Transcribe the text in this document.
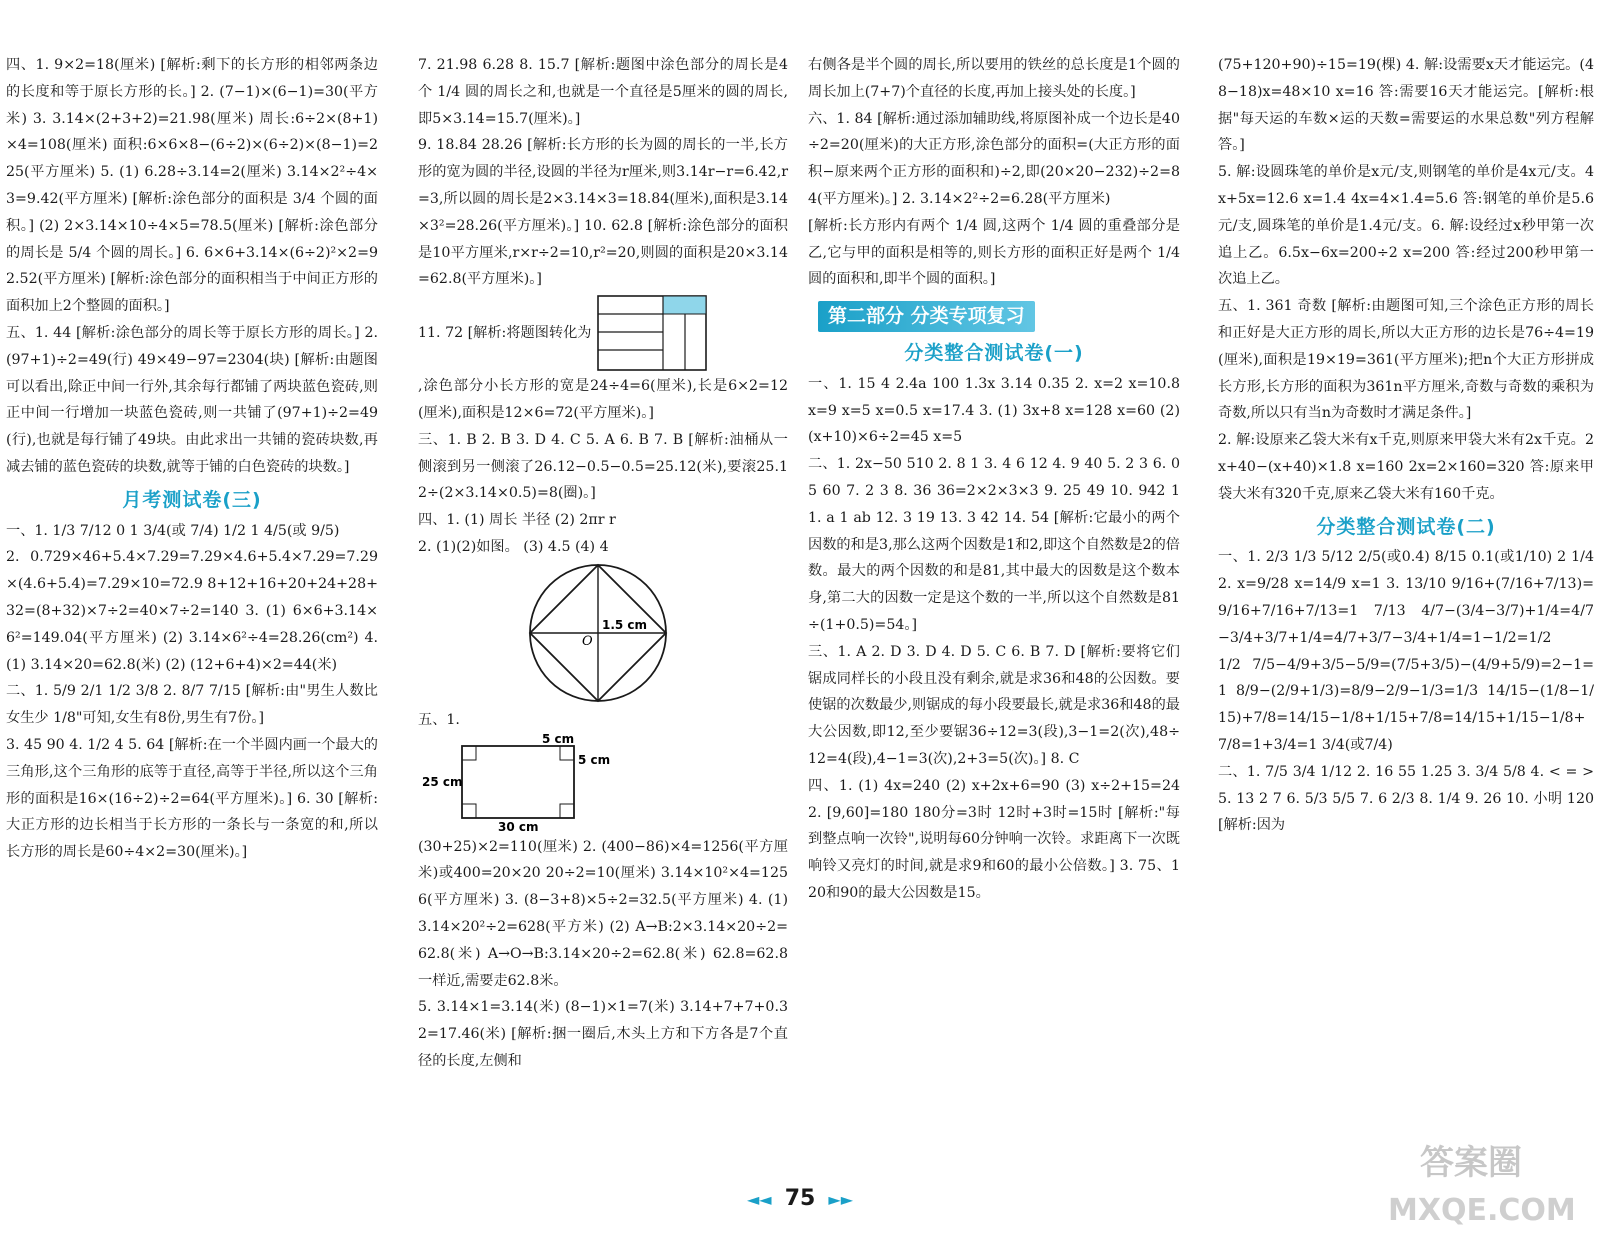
四、1. 9×2=18(厘米) [解析:剩下的长方形的相邻两条边的长度和等于原长方形的长。] 2. (7−1)×(6−1)=30(平方米) 3. 3.14×(2+3+2)=21.98(厘米) 周长:6÷2×(8+1)×4=108(厘米) 面积:6×6×8−(6÷2)×(6÷2)×(8−1)=225(平方厘米) 5. (1) 6.28÷3.14=2(厘米) 3.14×2²÷4×3=9.42(平方厘米) [解析:涂色部分的面积是 3/4 个圆的面积。] (2) 2×3.14×10÷4×5=78.5(厘米) [解析:涂色部分的周长是 5/4 个圆的周长。] 6. 6×6+3.14×(6÷2)²×2=92.52(平方厘米) [解析:涂色部分的面积相当于中间正方形的面积加上2个整圆的面积。]

五、1. 44 [解析:涂色部分的周长等于原长方形的周长。] 2. (97+1)÷2=49(行) 49×49−97=2304(块) [解析:由题图可以看出,除正中间一行外,其余每行都铺了两块蓝色瓷砖,则正中间一行增加一块蓝色瓷砖,则一共铺了(97+1)÷2=49(行),也就是每行铺了49块。由此求出一共铺的瓷砖块数,再减去铺的蓝色瓷砖的块数,就等于铺的白色瓷砖的块数。]

月考测试卷(三)

一、1. 1/3 7/12 0 1 3/4(或 7/4) 1/2 1 4/5(或 9/5)

2. 0.729×46+5.4×7.29=7.29×4.6+5.4×7.29=7.29×(4.6+5.4)=7.29×10=72.9 8+12+16+20+24+28+32=(8+32)×7÷2=40×7÷2=140 3. (1) 6×6+3.14×6²=149.04(平方厘米) (2) 3.14×6²÷4=28.26(cm²) 4. (1) 3.14×20=62.8(米) (2) (12+6+4)×2=44(米)

二、1. 5/9 2/1 1/2 3/8 2. 8/7 7/15 [解析:由"男生人数比女生少 1/8"可知,女生有8份,男生有7份。]

3. 45 90 4. 1/2 4 5. 64 [解析:在一个半圆内画一个最大的三角形,这个三角形的底等于直径,高等于半径,所以这个三角形的面积是16×(16÷2)÷2=64(平方厘米)。] 6. 30 [解析:大正方形的边长相当于长方形的一条长与一条宽的和,所以长方形的周长是60÷4×2=30(厘米)。]

7. 21.98 6.28 8. 15.7 [解析:题图中涂色部分的周长是4个 1/4 圆的周长之和,也就是一个直径是5厘米的圆的周长,即5×3.14=15.7(厘米)。]

9. 18.84 28.26 [解析:长方形的长为圆的周长的一半,长方形的宽为圆的半径,设圆的半径为r厘米,则3.14r−r=6.42,r=3,所以圆的周长是2×3.14×3=18.84(厘米),面积是3.14×3²=28.26(平方厘米)。] 10. 62.8 [解析:涂色部分的面积是10平方厘米,r×r÷2=10,r²=20,则圆的面积是20×3.14=62.8(平方厘米)。]

11. 72 [解析:将题图转化为

,涂色部分小长方形的宽是24÷4=6(厘米),长是6×2=12(厘米),面积是12×6=72(平方厘米)。]

三、1. B 2. B 3. D 4. C 5. A 6. B 7. B [解析:油桶从一侧滚到另一侧滚了26.12−0.5−0.5=25.12(米),要滚25.12÷(2×3.14×0.5)=8(圈)。]

四、1. (1) 周长 半径 (2) 2πr r

2. (1)(2)如图。 (3) 4.5 (4) 4

O
1.5 cm

五、1.

5 cm
5 cm
25 cm
30 cm

(30+25)×2=110(厘米) 2. (400−86)×4=1256(平方厘米)或400=20×20 20÷2=10(厘米) 3.14×10²×4=1256(平方厘米) 3. (8−3+8)×5÷2=32.5(平方厘米) 4. (1) 3.14×20²÷2=628(平方米) (2) A→B:2×3.14×20÷2=62.8(米) A→O→B:3.14×20÷2=62.8(米) 62.8=62.8 一样近,需要走62.8米。

5. 3.14×1=3.14(米) (8−1)×1=7(米) 3.14+7+7+0.32=17.46(米) [解析:捆一圈后,木头上方和下方各是7个直径的长度,左侧和

右侧各是半个圆的周长,所以要用的铁丝的总长度是1个圆的周长加上(7+7)个直径的长度,再加上接头处的长度。]

六、1. 84 [解析:通过添加辅助线,将原图补成一个边长是40÷2=20(厘米)的大正方形,涂色部分的面积=(大正方形的面积−原来两个正方形的面积和)÷2,即(20×20−232)÷2=84(平方厘米)。] 2. 3.14×2²÷2=6.28(平方厘米)

[解析:长方形内有两个 1/4 圆,这两个 1/4 圆的重叠部分是乙,它与甲的面积是相等的,则长方形的面积正好是两个 1/4 圆的面积和,即半个圆的面积。]

第二部分 分类专项复习
分类整合测试卷(一)

一、1. 15 4 2.4a 100 1.3x 3.14 0.35 2. x=2 x=10.8 x=9 x=5 x=0.5 x=17.4 3. (1) 3x+8 x=128 x=60 (2) (x+10)×6÷2=45 x=5

二、1. 2x−50 510 2. 8 1 3. 4 6 12 4. 9 40 5. 2 3 6. 0 5 60 7. 2 3 8. 36 36=2×2×3×3 9. 25 49 10. 942 11. a 1 ab 12. 3 19 13. 3 42 14. 54 [解析:它最小的两个因数的和是3,那么这两个因数是1和2,即这个自然数是2的倍数。最大的两个因数的和是81,其中最大的因数是这个数本身,第二大的因数一定是这个数的一半,所以这个自然数是81÷(1+0.5)=54。]

三、1. A 2. D 3. D 4. D 5. C 6. B 7. D [解析:要将它们锯成同样长的小段且没有剩余,就是求36和48的公因数。要使锯的次数最少,则锯成的每小段要最长,就是求36和48的最大公因数,即12,至少要锯36÷12=3(段),3−1=2(次),48÷12=4(段),4−1=3(次),2+3=5(次)。] 8. C

四、1. (1) 4x=240 (2) x+2x+6=90 (3) x÷2+15=24 2. [9,60]=180 180分=3时 12时+3时=15时 [解析:"每到整点响一次铃",说明每60分钟响一次铃。求距离下一次既响铃又亮灯的时间,就是求9和60的最小公倍数。] 3. 75、120和90的最大公因数是15。

(75+120+90)÷15=19(棵) 4. 解:设需要x天才能运完。(48−18)x=48×10 x=16 答:需要16天才能运完。[解析:根据"每天运的车数×运的天数=需要运的水果总数"列方程解答。]

5. 解:设圆珠笔的单价是x元/支,则钢笔的单价是4x元/支。4x+5x=12.6 x=1.4 4x=4×1.4=5.6 答:钢笔的单价是5.6元/支,圆珠笔的单价是1.4元/支。6. 解:设经过x秒甲第一次追上乙。6.5x−6x=200÷2 x=200 答:经过200秒甲第一次追上乙。

五、1. 361 奇数 [解析:由题图可知,三个涂色正方形的周长和正好是大正方形的周长,所以大正方形的边长是76÷4=19(厘米),面积是19×19=361(平方厘米);把n个大正方形拼成长方形,长方形的面积为361n平方厘米,奇数与奇数的乘积为奇数,所以只有当n为奇数时才满足条件。]

2. 解:设原来乙袋大米有x千克,则原来甲袋大米有2x千克。2x+40−(x+40)×1.8 x=160 2x=2×160=320 答:原来甲袋大米有320千克,原来乙袋大米有160千克。

分类整合测试卷(二)

一、1. 2/3 1/3 5/12 2/5(或0.4) 8/15 0.1(或1/10) 2 1/4 2. x=9/28 x=14/9 x=1 3. 13/10 9/16+(7/16+7/13)=9/16+7/16+7/13=1 7/13 4/7−(3/4−3/7)+1/4=4/7−3/4+3/7+1/4=4/7+3/7−3/4+1/4=1−1/2=1/2

1/2 7/5−4/9+3/5−5/9=(7/5+3/5)−(4/9+5/9)=2−1=1 8/9−(2/9+1/3)=8/9−2/9−1/3=1/3 14/15−(1/8−1/15)+7/8=14/15−1/8+1/15+7/8=14/15+1/15−1/8+7/8=1+3/4=1 3/4(或7/4)

二、1. 7/5 3/4 1/12 2. 16 55 1.25 3. 3/4 5/8 4. < = > 5. 13 2 7 6. 5/3 5/5 7. 6 2/3 8. 1/4 9. 26 10. 小明 120 [解析:因为

◄◄ 75 ►►
答案圈
MXQE.COM
